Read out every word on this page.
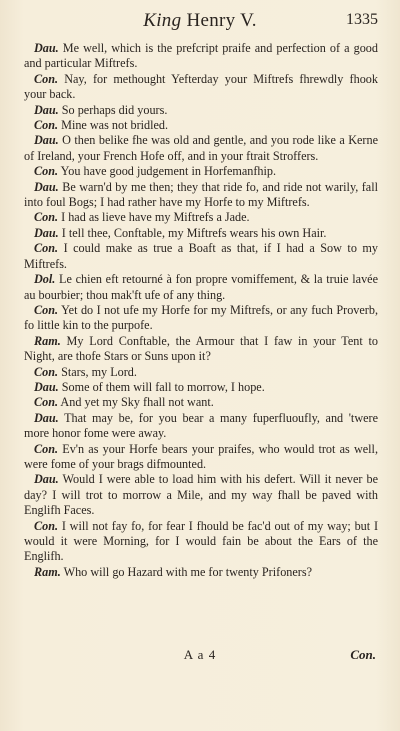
King Henry V.	1335

Dau. Me well, which is the prefcript praife and perfection of a good and particular Miftrefs.

Con. Nay, for methought Yefterday your Miftrefs fhrewdly fhook your back.

Dau. So perhaps did yours.

Con. Mine was not bridled.

Dau. O then belike fhe was old and gentle, and you rode like a Kerne of Ireland, your French Hofe off, and in your ftrait Stroffers.

Con. You have good judgement in Horfemanfhip.

Dau. Be warn'd by me then; they that ride fo, and ride not warily, fall into foul Bogs; I had rather have my Horfe to my Miftrefs.

Con. I had as lieve have my Miftrefs a Jade.

Dau. I tell thee, Conftable, my Miftrefs wears his own Hair.

Con. I could make as true a Boaft as that, if I had a Sow to my Miftrefs.

Dol. Le chien eft retourné à fon propre vomiffement, & la truie lavée au bourbier; thou mak'ft ufe of any thing.

Con. Yet do I not ufe my Horfe for my Miftrefs, or any fuch Proverb, fo little kin to the purpofe.

Ram. My Lord Conftable, the Armour that I faw in your Tent to Night, are thofe Stars or Suns upon it?

Con. Stars, my Lord.

Dau. Some of them will fall to morrow, I hope.

Con. And yet my Sky fhall not want.

Dau. That may be, for you bear a many fuperfluoufly, and 'twere more honor fome were away.

Con. Ev'n as your Horfe bears your praifes, who would trot as well, were fome of your brags difmounted.

Dau. Would I were able to load him with his defert. Will it never be day? I will trot to morrow a Mile, and my way fhall be paved with Englifh Faces.

Con. I will not fay fo, for fear I fhould be fac'd out of my way; but I would it were Morning, for I would fain be about the Ears of the Englifh.

Ram. Who will go Hazard with me for twenty Prifoners?

A a 4	Con.
